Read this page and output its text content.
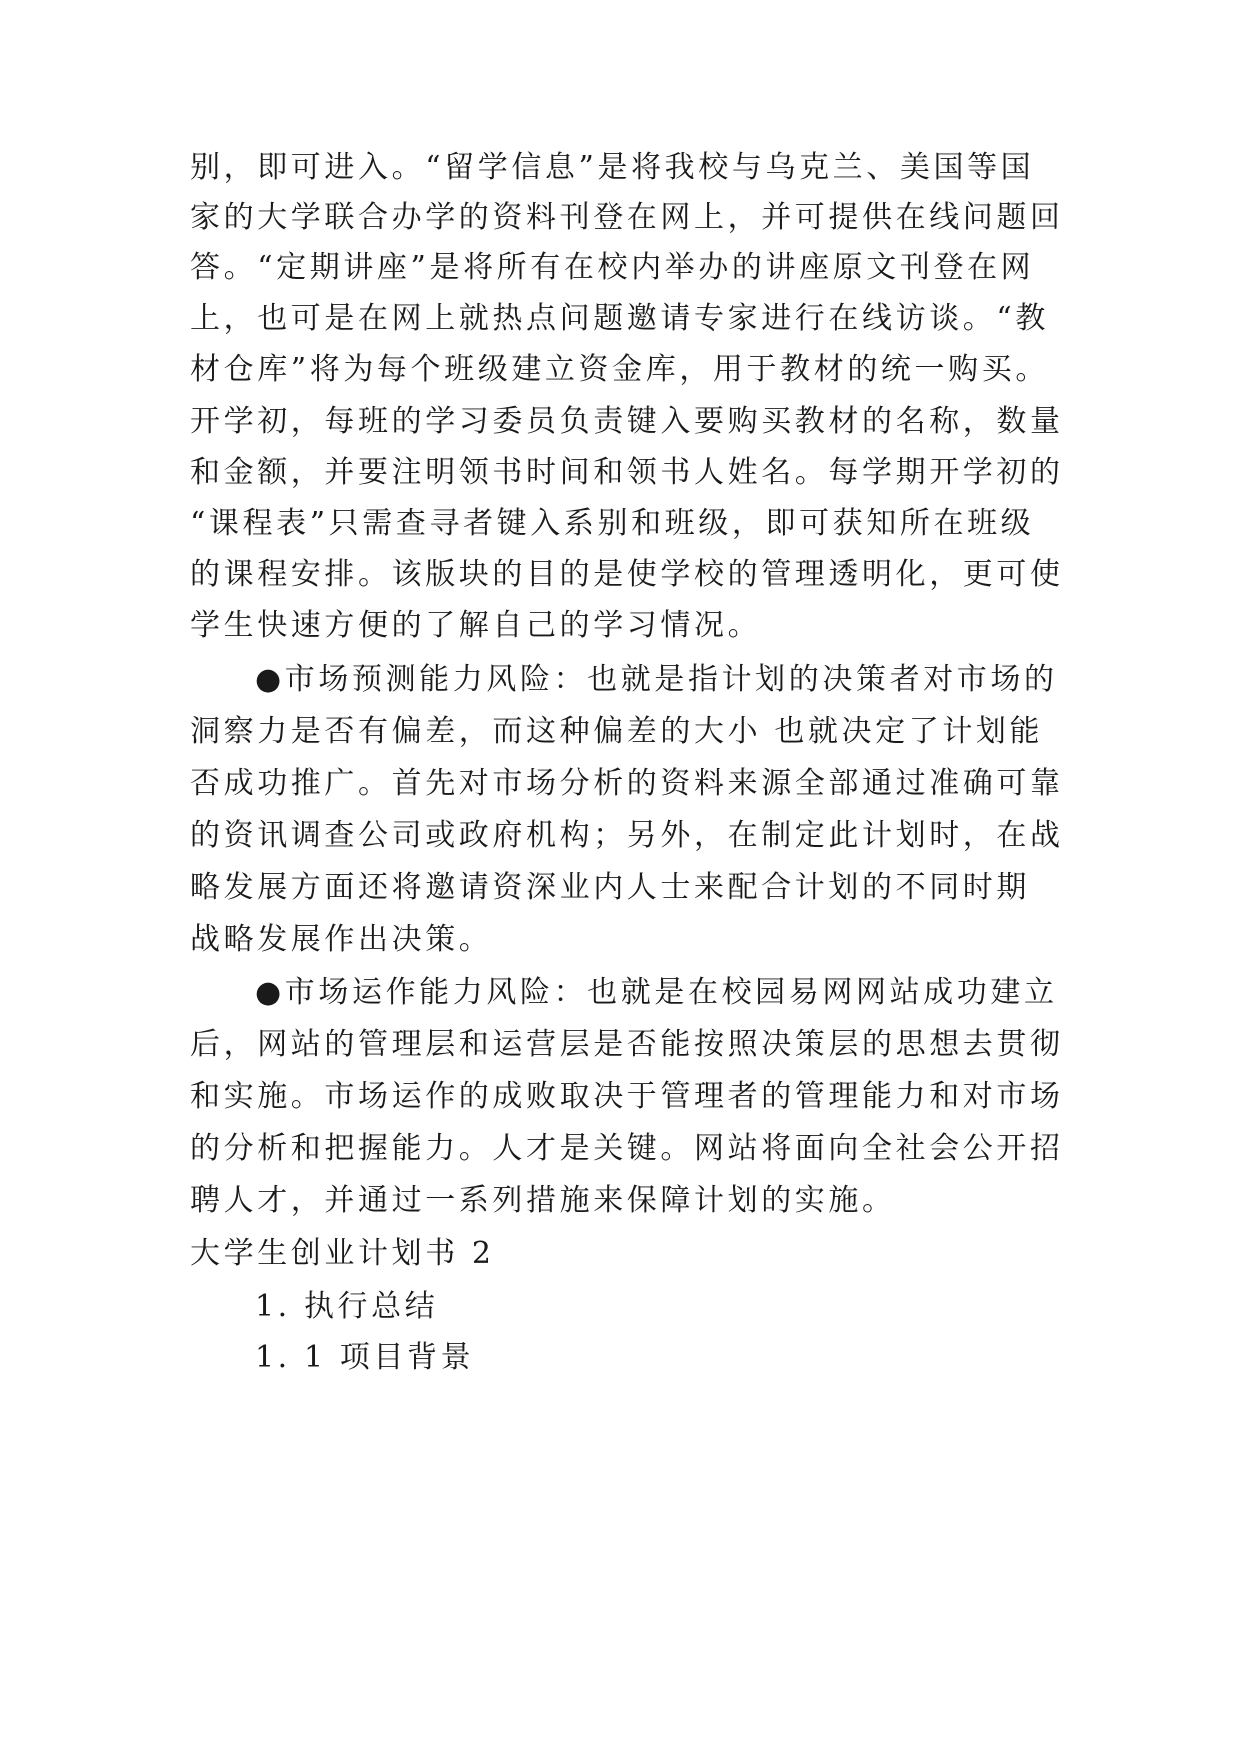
别，即可进入。“留学信息”是将我校与乌克兰、美国等国
家的大学联合办学的资料刊登在网上，并可提供在线问题回
答。“定期讲座”是将所有在校内举办的讲座原文刊登在网
上，也可是在网上就热点问题邀请专家进行在线访谈。“教
材仓库”将为每个班级建立资金库，用于教材的统一购买。
开学初，每班的学习委员负责键入要购买教材的名称，数量
和金额，并要注明领书时间和领书人姓名。每学期开学初的
“课程表”只需查寻者键入系别和班级，即可获知所在班级
的课程安排。该版块的目的是使学校的管理透明化，更可使
学生快速方便的了解自己的学习情况。
●市场预测能力风险：也就是指计划的决策者对市场的
洞察力是否有偏差，而这种偏差的大小 也就决定了计划能
否成功推广。首先对市场分析的资料来源全部通过准确可靠
的资讯调查公司或政府机构；另外，在制定此计划时，在战
略发展方面还将邀请资深业内人士来配合计划的不同时期
战略发展作出决策。
●市场运作能力风险：也就是在校园易网网站成功建立
后，网站的管理层和运营层是否能按照决策层的思想去贯彻
和实施。市场运作的成败取决于管理者的管理能力和对市场
的分析和把握能力。人才是关键。网站将面向全社会公开招
聘人才，并通过一系列措施来保障计划的实施。
大学生创业计划书 2
1. 执行总结
1. 1 项目背景
